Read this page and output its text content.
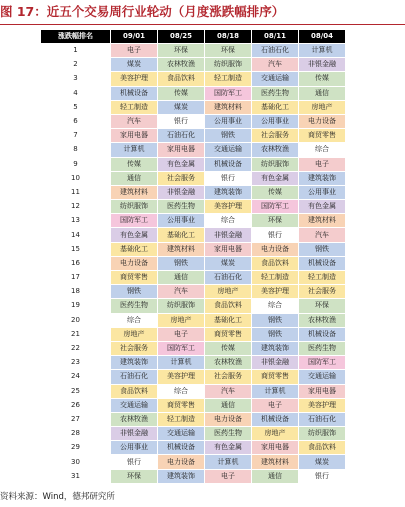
图 17：近五个交易周行业轮动（月度涨跌幅排序）
涨跌幅排名	09/01	08/25	08/18	08/11	08/04
1	电子	环保	环保	石油石化	计算机
2	煤炭	农林牧渔	纺织服饰	汽车	非银金融
3	美容护理	食品饮料	轻工制造	交通运输	传媒
4	机械设备	传媒	国防军工	医药生物	通信
5	轻工制造	煤炭	建筑材料	基础化工	房地产
6	汽车	银行	公用事业	公用事业	电力设备
7	家用电器	石油石化	钢铁	社会服务	商贸零售
8	计算机	家用电器	交通运输	农林牧渔	综合
9	传媒	有色金属	机械设备	纺织服饰	电子
10	通信	社会服务	银行	有色金属	建筑装饰
11	建筑材料	非银金融	建筑装饰	传媒	公用事业
12	纺织服饰	医药生物	美容护理	国防军工	有色金属
13	国防军工	公用事业	综合	环保	建筑材料
14	有色金属	基础化工	非银金融	银行	汽车
15	基础化工	建筑材料	家用电器	电力设备	钢铁
16	电力设备	钢铁	煤炭	食品饮料	机械设备
17	商贸零售	通信	石油石化	轻工制造	轻工制造
18	钢铁	汽车	房地产	美容护理	社会服务
19	医药生物	纺织服饰	食品饮料	综合	环保
20	综合	房地产	基础化工	钢铁	农林牧渔
21	房地产	电子	商贸零售	钢铁	机械设备
22	社会服务	国防军工	传媒	建筑装饰	医药生物
23	建筑装饰	计算机	农林牧渔	非银金融	国防军工
24	石油石化	美容护理	社会服务	商贸零售	交通运输
25	食品饮料	综合	汽车	计算机	家用电器
26	交通运输	商贸零售	通信	电子	美容护理
27	农林牧渔	轻工制造	电力设备	机械设备	石油石化
28	非银金融	交通运输	医药生物	房地产	纺织服饰
29	公用事业	机械设备	有色金属	家用电器	食品饮料
30	银行	电力设备	计算机	建筑材料	煤炭
31	环保	建筑装饰	电子	通信	银行
资料来源：Wind，德邦研究所
